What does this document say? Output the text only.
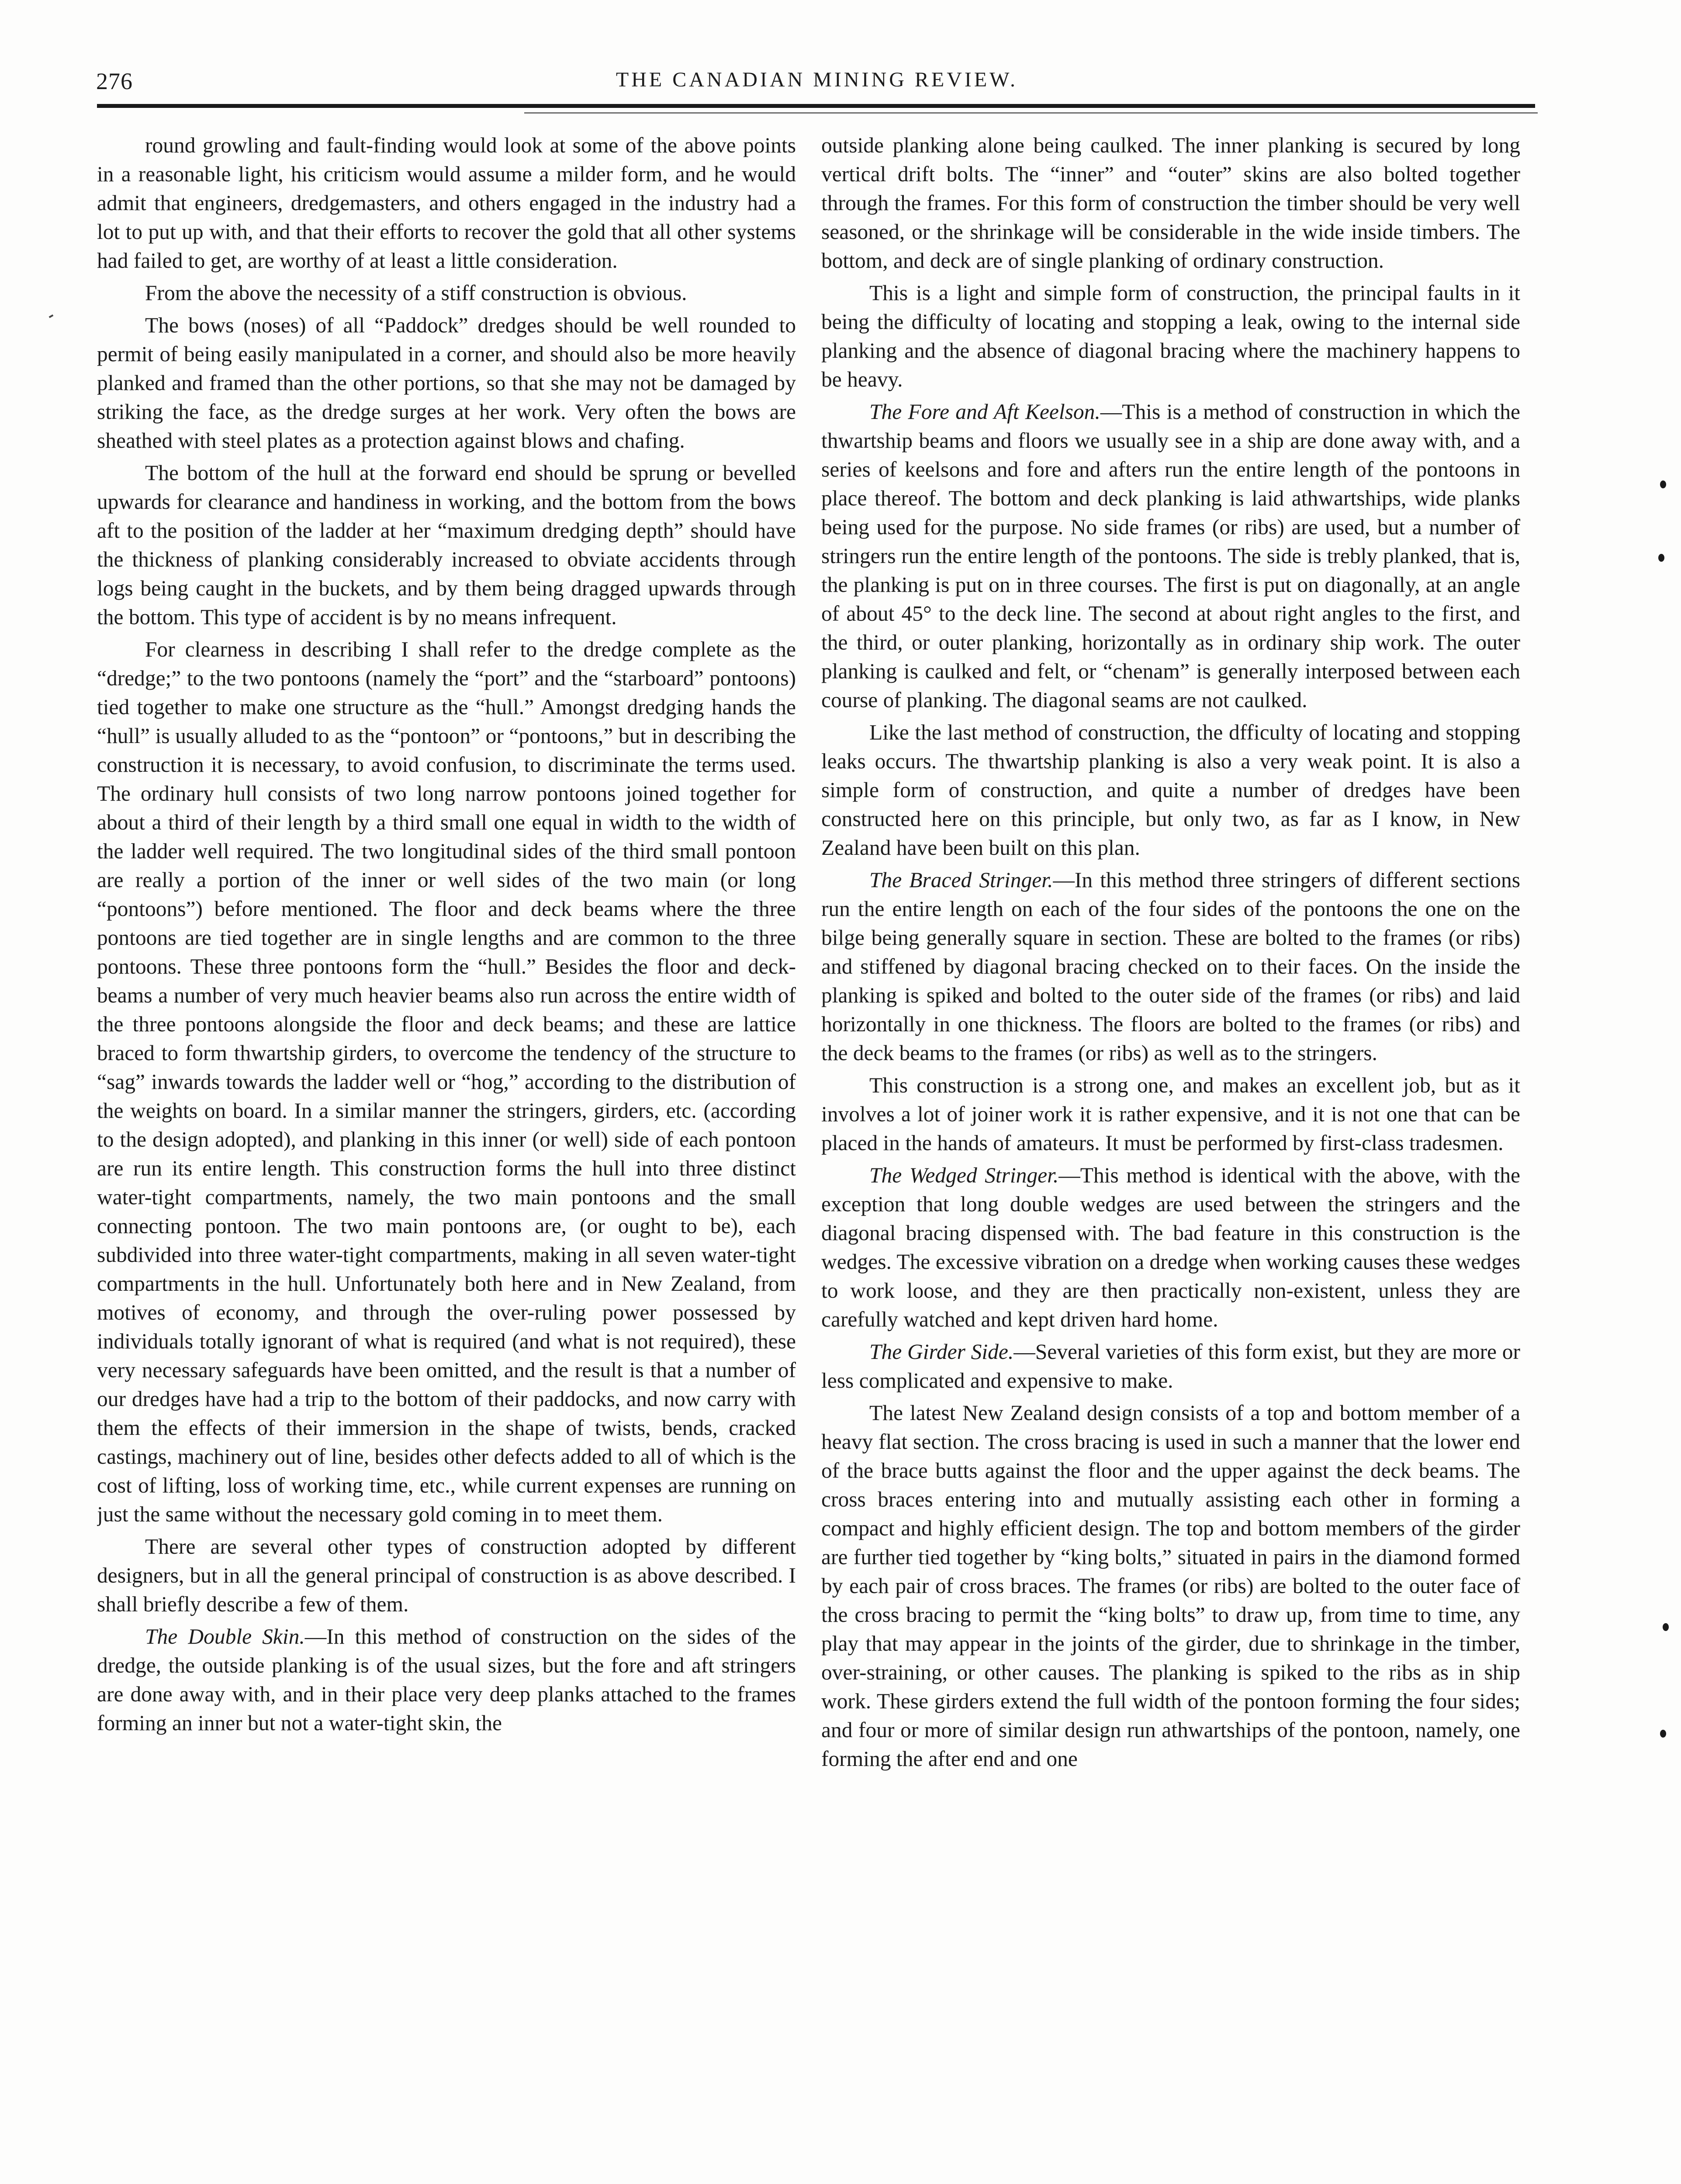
276	THE CANADIAN MINING REVIEW.

round growling and fault-finding would look at some of the above points in a reasonable light, his criticism would assume a milder form, and he would admit that engineers, dredgemasters, and others engaged in the industry had a lot to put up with, and that their efforts to recover the gold that all other systems had failed to get, are worthy of at least a little consideration.

From the above the necessity of a stiff construction is obvious.

The bows (noses) of all “Paddock” dredges should be well rounded to permit of being easily manipulated in a corner, and should also be more heavily planked and framed than the other portions, so that she may not be damaged by striking the face, as the dredge surges at her work. Very often the bows are sheathed with steel plates as a protection against blows and chafing.

The bottom of the hull at the forward end should be sprung or bevelled upwards for clearance and handiness in working, and the bottom from the bows aft to the position of the ladder at her “maximum dredging depth” should have the thickness of planking considerably increased to obviate accidents through logs being caught in the buckets, and by them being dragged upwards through the bottom. This type of accident is by no means infrequent.

For clearness in describing I shall refer to the dredge complete as the “dredge;” to the two pontoons (namely the “port” and the “starboard” pontoons) tied together to make one structure as the “hull.” Amongst dredging hands the “hull” is usually alluded to as the “pontoon” or “pontoons,” but in describing the construction it is necessary, to avoid confusion, to discriminate the terms used. The ordinary hull consists of two long narrow pontoons joined together for about a third of their length by a third small one equal in width to the width of the ladder well required. The two longitudinal sides of the third small pontoon are really a portion of the inner or well sides of the two main (or long “pontoons”) before mentioned. The floor and deck beams where the three pontoons are tied together are in single lengths and are common to the three pontoons. These three pontoons form the “hull.” Besides the floor and deck-beams a number of very much heavier beams also run across the entire width of the three pontoons alongside the floor and deck beams; and these are lattice braced to form thwartship girders, to overcome the tendency of the structure to “sag” inwards towards the ladder well or “hog,” according to the distribution of the weights on board. In a similar manner the stringers, girders, etc. (according to the design adopted), and planking in this inner (or well) side of each pontoon are run its entire length. This construction forms the hull into three distinct water-tight compartments, namely, the two main pontoons and the small connecting pontoon. The two main pontoons are, (or ought to be), each subdivided into three water-tight compartments, making in all seven water-tight compartments in the hull. Unfortunately both here and in New Zealand, from motives of economy, and through the over-ruling power possessed by individuals totally ignorant of what is required (and what is not required), these very necessary safeguards have been omitted, and the result is that a number of our dredges have had a trip to the bottom of their paddocks, and now carry with them the effects of their immersion in the shape of twists, bends, cracked castings, machinery out of line, besides other defects added to all of which is the cost of lifting, loss of working time, etc., while current expenses are running on just the same without the necessary gold coming in to meet them.

There are several other types of construction adopted by different designers, but in all the general principal of construction is as above described. I shall briefly describe a few of them.

The Double Skin.—In this method of construction on the sides of the dredge, the outside planking is of the usual sizes, but the fore and aft stringers are done away with, and in their place very deep planks attached to the frames forming an inner but not a water-tight skin, the

outside planking alone being caulked. The inner planking is secured by long vertical drift bolts. The “inner” and “outer” skins are also bolted together through the frames. For this form of construction the timber should be very well seasoned, or the shrinkage will be considerable in the wide inside timbers. The bottom, and deck are of single planking of ordinary construction.

This is a light and simple form of construction, the principal faults in it being the difficulty of locating and stopping a leak, owing to the internal side planking and the absence of diagonal bracing where the machinery happens to be heavy.

The Fore and Aft Keelson.—This is a method of construction in which the thwartship beams and floors we usually see in a ship are done away with, and a series of keelsons and fore and afters run the entire length of the pontoons in place thereof. The bottom and deck planking is laid athwartships, wide planks being used for the purpose. No side frames (or ribs) are used, but a number of stringers run the entire length of the pontoons. The side is trebly planked, that is, the planking is put on in three courses. The first is put on diagonally, at an angle of about 45° to the deck line. The second at about right angles to the first, and the third, or outer planking, horizontally as in ordinary ship work. The outer planking is caulked and felt, or “chenam” is generally interposed between each course of planking. The diagonal seams are not caulked.

Like the last method of construction, the dfficulty of locating and stopping leaks occurs. The thwartship planking is also a very weak point. It is also a simple form of construction, and quite a number of dredges have been constructed here on this principle, but only two, as far as I know, in New Zealand have been built on this plan.

The Braced Stringer.—In this method three stringers of different sections run the entire length on each of the four sides of the pontoons the one on the bilge being generally square in section. These are bolted to the frames (or ribs) and stiffened by diagonal bracing checked on to their faces. On the inside the planking is spiked and bolted to the outer side of the frames (or ribs) and laid horizontally in one thickness. The floors are bolted to the frames (or ribs) and the deck beams to the frames (or ribs) as well as to the stringers.

This construction is a strong one, and makes an excellent job, but as it involves a lot of joiner work it is rather expensive, and it is not one that can be placed in the hands of amateurs. It must be performed by first-class tradesmen.

The Wedged Stringer.—This method is identical with the above, with the exception that long double wedges are used between the stringers and the diagonal bracing dispensed with. The bad feature in this construction is the wedges. The excessive vibration on a dredge when working causes these wedges to work loose, and they are then practically non-existent, unless they are carefully watched and kept driven hard home.

The Girder Side.—Several varieties of this form exist, but they are more or less complicated and expensive to make.

The latest New Zealand design consists of a top and bottom member of a heavy flat section. The cross bracing is used in such a manner that the lower end of the brace butts against the floor and the upper against the deck beams. The cross braces entering into and mutually assisting each other in forming a compact and highly efficient design. The top and bottom members of the girder are further tied together by “king bolts,” situated in pairs in the diamond formed by each pair of cross braces. The frames (or ribs) are bolted to the outer face of the cross bracing to permit the “king bolts” to draw up, from time to time, any play that may appear in the joints of the girder, due to shrinkage in the timber, over-straining, or other causes. The planking is spiked to the ribs as in ship work. These girders extend the full width of the pontoon forming the four sides; and four or more of similar design run athwartships of the pontoon, namely, one forming the after end and one
